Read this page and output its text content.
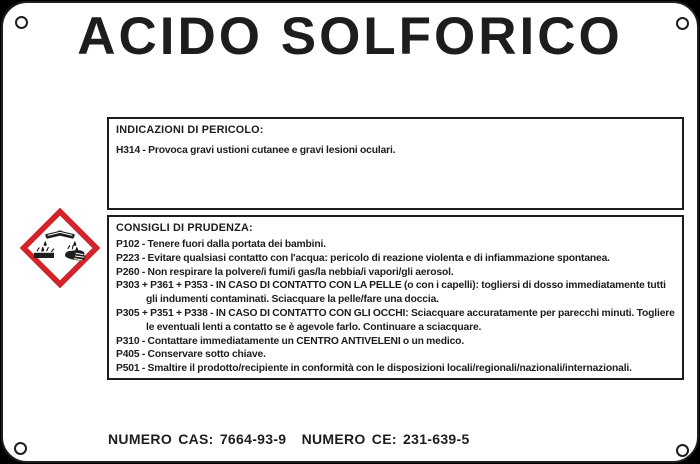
ACIDO SOLFORICO
INDICAZIONI DI PERICOLO:

H314 - Provoca gravi ustioni cutanee e gravi lesioni oculari.

CONSIGLI DI PRUDENZA:

P102 - Tenere fuori dalla portata dei bambini.

P223 - Evitare qualsiasi contatto con l'acqua: pericolo di reazione violenta e di infiammazione spontanea.

P260 - Non respirare la polvere/i fumi/i gas/la nebbia/i vapori/gli aerosol.

P303 + P361 + P353 - IN CASO DI CONTATTO CON LA PELLE (o con i capelli): togliersi di dosso immediatamente tutti gli indumenti contaminati. Sciacquare la pelle/fare una doccia.

P305 + P351 + P338 - IN CASO DI CONTATTO CON GLI OCCHI: Sciacquare accuratamente per parecchi minuti. Togliere le eventuali lenti a contatto se è agevole farlo. Continuare a sciacquare.

P310 - Contattare immediatamente un CENTRO ANTIVELENI o un medico.

P405 - Conservare sotto chiave.

P501 - Smaltire il prodotto/recipiente in conformità con le disposizioni locali/regionali/nazionali/internazionali.

NUMERO CAS: 7664-93-9 NUMERO CE: 231-639-5
